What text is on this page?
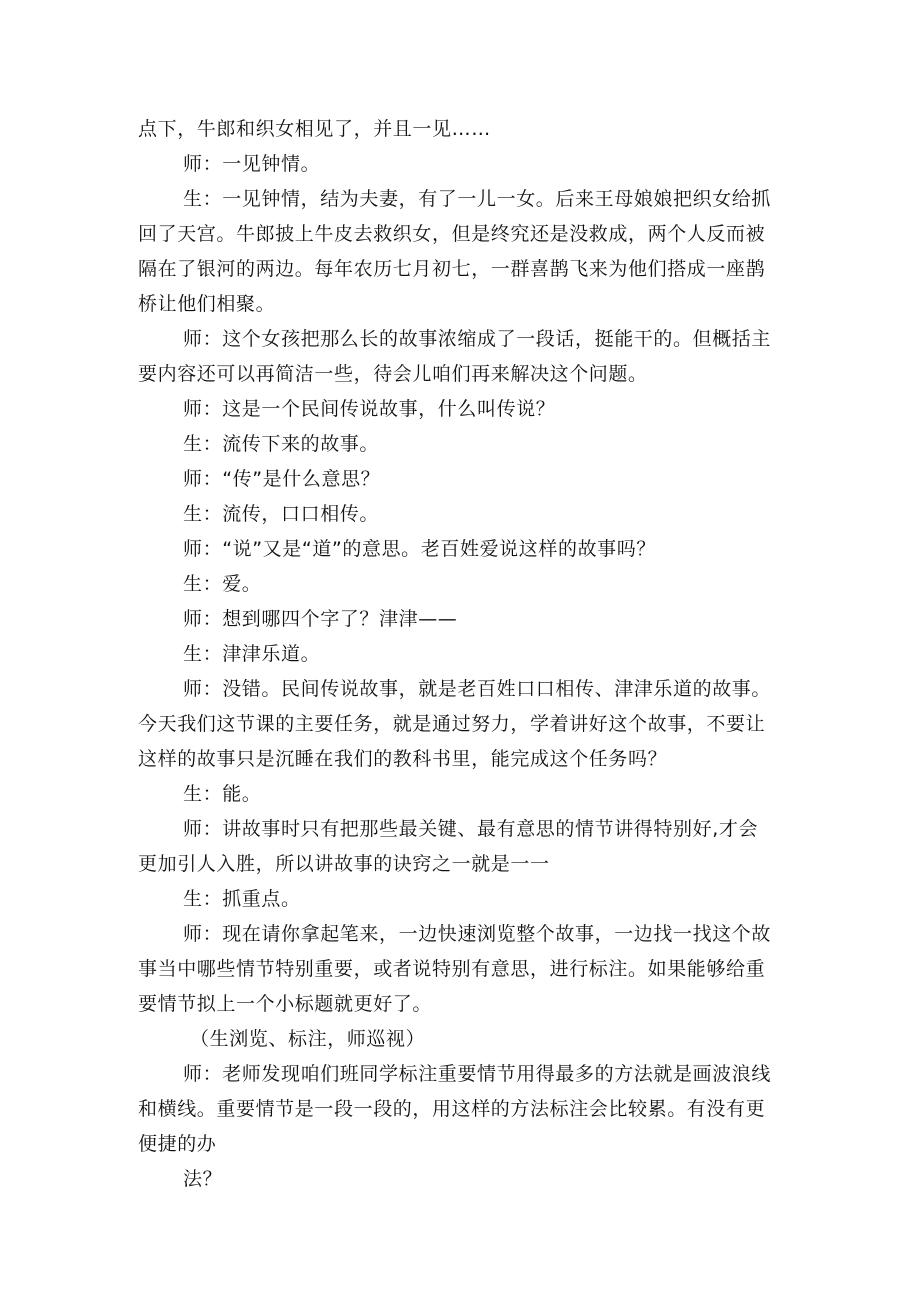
点下，牛郎和织女相见了，并且一见……
师：一见钟情。
生：一见钟情，结为夫妻，有了一儿一女。后来王母娘娘把织女给抓
回了天宫。牛郎披上牛皮去救织女，但是终究还是没救成，两个人反而被
隔在了银河的两边。每年农历七月初七，一群喜鹊飞来为他们搭成一座鹊
桥让他们相聚。
师：这个女孩把那么长的故事浓缩成了一段话，挺能干的。但概括主
要内容还可以再简洁一些，待会儿咱们再来解决这个问题。
师：这是一个民间传说故事，什么叫传说？
生：流传下来的故事。
师：“传”是什么意思？
生：流传，口口相传。
师：“说”又是“道”的意思。老百姓爱说这样的故事吗？
生：爱。
师：想到哪四个字了？津津——
生：津津乐道。
师：没错。民间传说故事，就是老百姓口口相传、津津乐道的故事。
今天我们这节课的主要任务，就是通过努力，学着讲好这个故事，不要让
这样的故事只是沉睡在我们的教科书里，能完成这个任务吗？
生：能。
师：讲故事时只有把那些最关键、最有意思的情节讲得特别好,才会
更加引人入胜，所以讲故事的诀窍之一就是一一
生：抓重点。
师：现在请你拿起笔来，一边快速浏览整个故事，一边找一找这个故
事当中哪些情节特别重要，或者说特别有意思，进行标注。如果能够给重
要情节拟上一个小标题就更好了。
（生浏览、标注，师巡视）
师：老师发现咱们班同学标注重要情节用得最多的方法就是画波浪线
和横线。重要情节是一段一段的，用这样的方法标注会比较累。有没有更
便捷的办
法？
